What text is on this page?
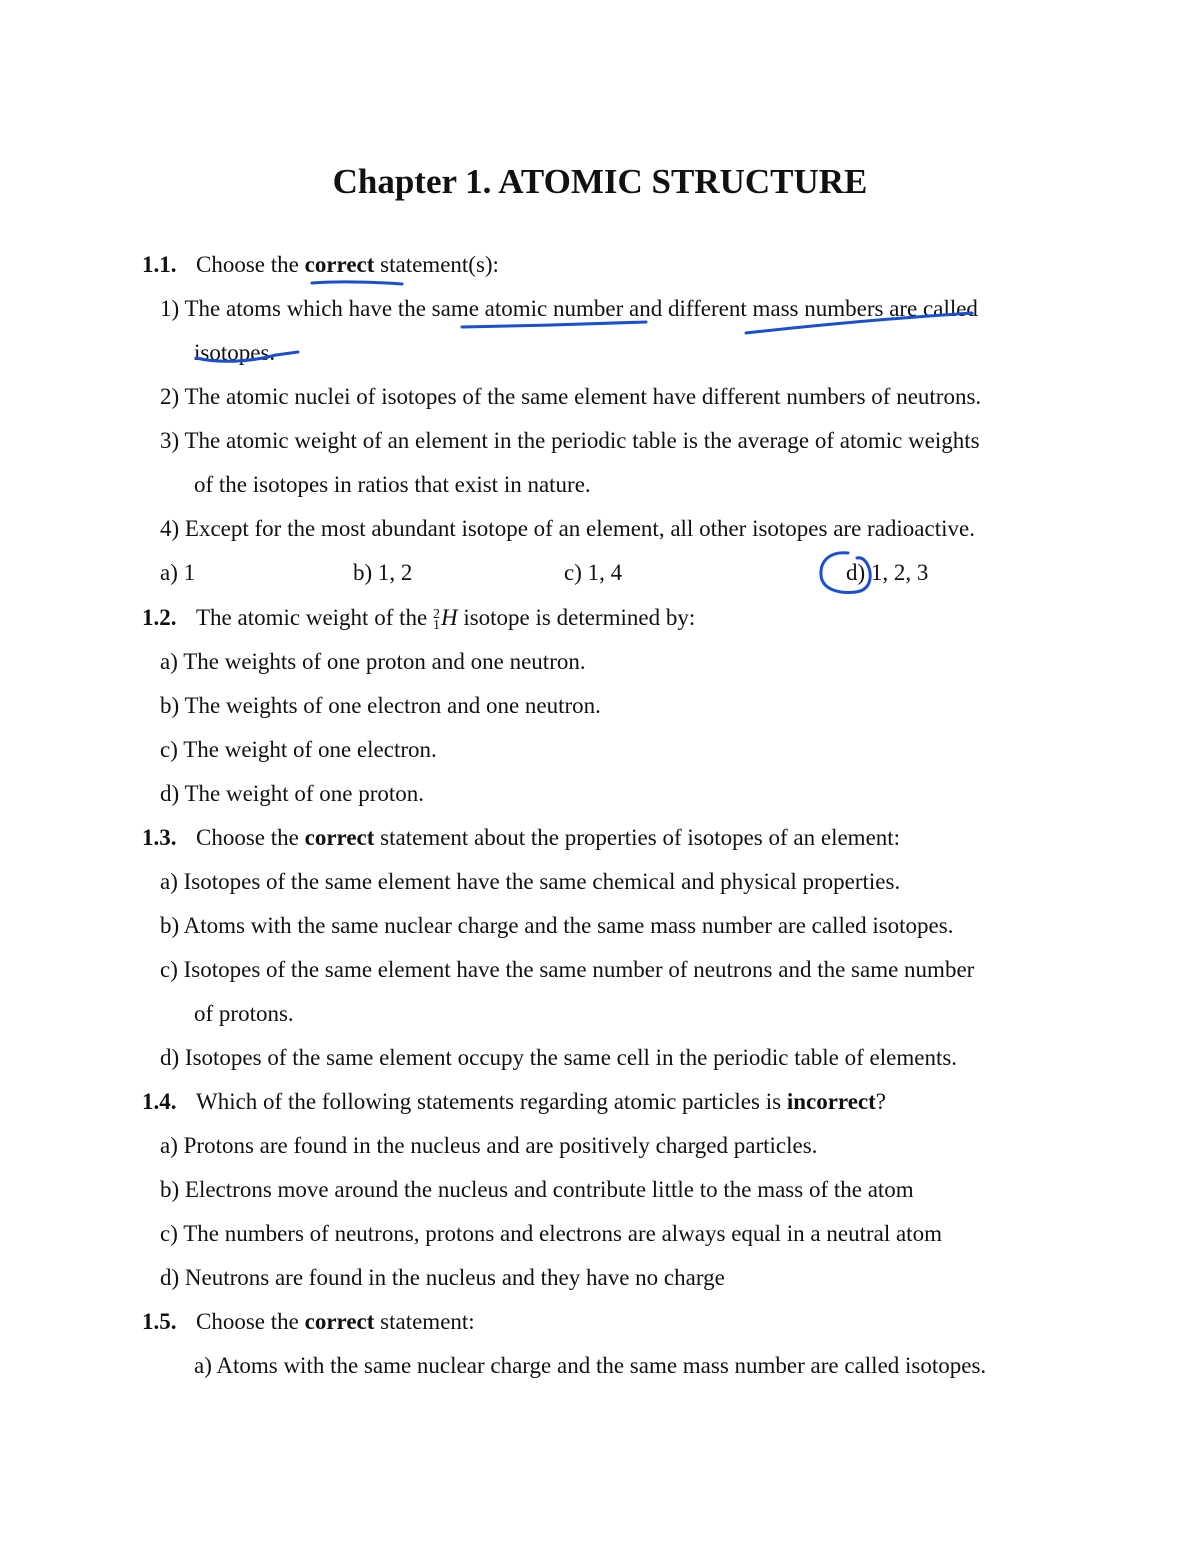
Chapter 1. ATOMIC STRUCTURE
1.1. Choose the correct statement(s):
1) The atoms which have the same atomic number and different mass numbers are called
isotopes.
2) The atomic nuclei of isotopes of the same element have different numbers of neutrons.
3) The atomic weight of an element in the periodic table is the average of atomic weights
of the isotopes in ratios that exist in nature.
4) Except for the most abundant isotope of an element, all other isotopes are radioactive.
a) 1	b) 1, 2	c) 1, 4	d) 1, 2, 3
1.2. The atomic weight of the 2
1H isotope is determined by:
a) The weights of one proton and one neutron.
b) The weights of one electron and one neutron.
c) The weight of one electron.
d) The weight of one proton.
1.3. Choose the correct statement about the properties of isotopes of an element:
a) Isotopes of the same element have the same chemical and physical properties.
b) Atoms with the same nuclear charge and the same mass number are called isotopes.
c) Isotopes of the same element have the same number of neutrons and the same number
of protons.
d) Isotopes of the same element occupy the same cell in the periodic table of elements.
1.4. Which of the following statements regarding atomic particles is incorrect?
a) Protons are found in the nucleus and are positively charged particles.
b) Electrons move around the nucleus and contribute little to the mass of the atom
c) The numbers of neutrons, protons and electrons are always equal in a neutral atom
d) Neutrons are found in the nucleus and they have no charge
1.5. Choose the correct statement:
a) Atoms with the same nuclear charge and the same mass number are called isotopes.
